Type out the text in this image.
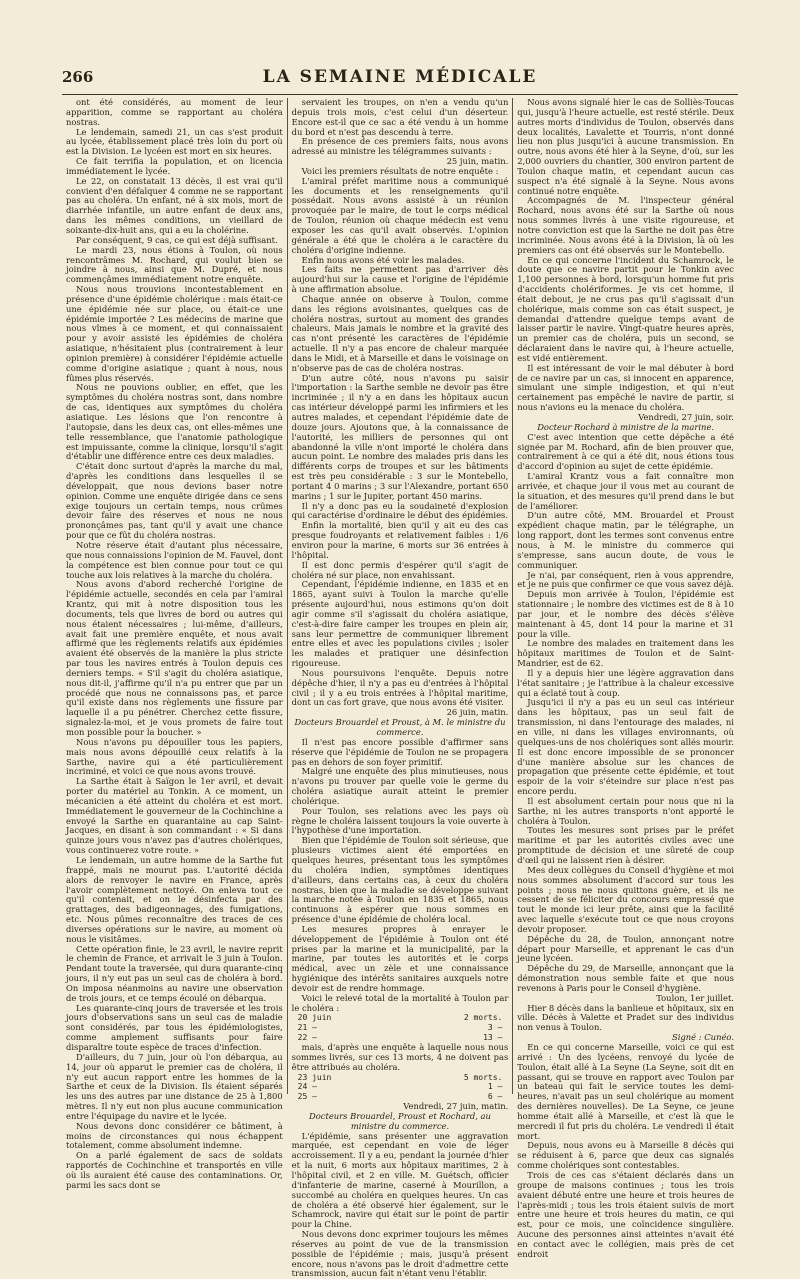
266	LA SEMAINE MÉDICALE

ont été considérés, au moment de leur apparition, comme se rapportant au choléra nostras.

Le lendemain, samedi 21, un cas s'est produit au lycée, établissement placé très loin du port où est la Division. Le lycéen est mort en six heures.

Ce fait terrifia la population, et on licencia immédiatement le lycée.

Le 22, on constatait 13 décès, il est vrai qu'il convient d'en défalquer 4 comme ne se rapportant pas au choléra. Un enfant, né à six mois, mort de diarrhée infantile, un autre enfant de deux ans, dans les mêmes conditions, un vieillard de soixante-dix-huit ans, qui a eu la cholérine.

Par conséquent, 9 cas, ce qui est déjà suffisant.

Le mardi 23, nous étions à Toulon, où nous rencontrâmes M. Rochard, qui voulut bien se joindre à nous, ainsi que M. Dupré, et nous commençâmes immédiatement notre enquête.

Nous nous trouvions incontestablement en présence d'une épidémie cholérique : mais était-ce une épidémie née sur place, ou était-ce une épidémie importée ? Les médecins de marine que nous vîmes à ce moment, et qui connaissaient pour y avoir assisté les épidémies de choléra asiatique, n'hésitaient plus (contrairement à leur opinion première) à considérer l'épidémie actuelle comme d'origine asiatique ; quant à nous, nous fûmes plus réservés.

Nous ne pouvions oublier, en effet, que les symptômes du choléra nostras sont, dans nombre de cas, identiques aux symptômes du choléra asiatique. Les lésions que l'on rencontre à l'autopsie, dans les deux cas, ont elles-mêmes une telle ressemblance, que l'anatomie pathologique est impuissante, comme la clinique, lorsqu'il s'agit d'établir une différence entre ces deux maladies.

C'était donc surtout d'après la marche du mal, d'après les conditions dans lesquelles il se développait, que nous devions baser notre opinion. Comme une enquête dirigée dans ce sens exige toujours un certain temps, nous crûmes devoir faire des réserves et nous ne nous prononçâmes pas, tant qu'il y avait une chance pour que ce fût du choléra nostras.

Notre réserve était d'autant plus nécessaire, que nous connaissions l'opinion de M. Fauvel, dont la compétence est bien connue pour tout ce qui touche aux lois relatives à la marche du choléra.

Nous avons d'abord recherché l'origine de l'épidémie actuelle, secondés en cela par l'amiral Krantz, qui mit à notre disposition tous les documents, tels que livres de bord ou autres qui nous étaient nécessaires ; lui-même, d'ailleurs, avait fait une première enquête, et nous avait affirmé que les règlements relatifs aux épidémies avaient été observés de la manière la plus stricte par tous les navires entrés à Toulon depuis ces derniers temps. « S'il s'agit du choléra asiatique, nous dit-il, j'affirme qu'il n'a pu entrer que par un procédé que nous ne connaissons pas, et parce qu'il existe dans nos règlements une fissure par laquelle il a pu pénétrer. Cherchez cette fissure, signalez-la-moi, et je vous promets de faire tout mon possible pour la boucher. »

Nous n'avons pu dépouiller tous les papiers, mais nous avons dépouillé ceux relatifs à la Sarthe, navire qui a été particulièrement incriminé, et voici ce que nous avons trouvé.

La Sarthe était à Saïgon le 1er avril, et devait porter du matériel au Tonkin. A ce moment, un mécanicien a été atteint du choléra et est mort. Immédiatement le gouverneur de la Cochinchine a envoyé la Sarthe en quarantaine au cap Saint-Jacques, en disant à son commandant : « Si dans quinze jours vous n'avez pas d'autres cholériques, vous continuerez votre route. »

Le lendemain, un autre homme de la Sarthe fut frappé, mais ne mourut pas. L'autorité décida alors de renvoyer le navire en France, après l'avoir complètement nettoyé. On enleva tout ce qu'il contenait, et on le désinfecta par des grattages, des badigeonnages, des fumigations, etc. Nous pûmes reconnaître des traces de ces diverses opérations sur le navire, au moment où nous le visitâmes.

Cette opération finie, le 23 avril, le navire reprit le chemin de France, et arrivait le 3 juin à Toulon. Pendant toute la traversée, qui dura quarante-cinq jours, il n'y eut pas un seul cas de choléra à bord. On imposa néanmoins au navire une observation de trois jours, et ce temps écoulé on débarqua.

Les quarante-cinq jours de traversée et les trois jours d'observations sans un seul cas de maladie sont considérés, par tous les épidémiologistes, comme amplement suffisants pour faire disparaître toute espèce de traces d'infection.

D'ailleurs, du 7 juin, jour où l'on débarqua, au 14, jour où apparut le premier cas de choléra, il n'y eut aucun rapport entre les hommes de la Sarthe et ceux de la Division. Ils étaient séparés les uns des autres par une distance de 25 à 1,800 mètres. Il n'y eut non plus aucune communication entre l'équipage du navire et le lycée.

Nous devons donc considérer ce bâtiment, à moins de circonstances qui nous échappent totalement, comme absolument indemne.

On a parlé également de sacs de soldats rapportés de Cochinchine et transportés en ville où ils auraient été cause des contaminations. Or, parmi les sacs dont se

servaient les troupes, on n'en a vendu qu'un depuis trois mois, c'est celui d'un déserteur. Encore est-il que ce sac a été vendu à un homme du bord et n'est pas descendu à terre.

En présence de ces premiers faits, nous avons adressé au ministre les télégrammes suivants :

25 juin, matin.

Voici les premiers résultats de notre enquête :

L'amiral préfet maritime nous a communiqué les documents et les renseignements qu'il possédait. Nous avons assisté à un réunion provoquée par le maire, de tout le corps médical de Toulon, réunion où chaque médecin est venu exposer les cas qu'il avait observés. L'opinion générale a été que le choléra a le caractère du choléra d'origine indienne.

Enfin nous avons été voir les malades.

Les faits ne permettent pas d'arriver dès aujourd'hui sur la cause et l'origine de l'épidémie à une affirmation absolue.

Chaque année on observe à Toulon, comme dans les régions avoisinantes, quelques cas de choléra nostras, surtout au moment des grandes chaleurs. Mais jamais le nombre et la gravité des cas n'ont présenté les caractères de l'épidémie actuelle. Il n'y a pas encore de chaleur marquée dans le Midi, et à Marseille et dans le voisinage on n'observe pas de cas de choléra nostras.

D'un autre côté, nous n'avons pu saisir l'importation : la Sarthe semble ne devoir pas être incriminée ; il n'y a en dans les hôpitaux aucun cas intérieur développé parmi les infirmiers et les autres malades, et cependant l'épidémie date de douze jours. Ajoutons que, à la connaissance de l'autorité, les milliers de personnes qui ont abandonné la ville n'ont importé le choléra dans aucun point. Le nombre des malades pris dans les différents corps de troupes et sur les bâtiments est très peu considérable : 3 sur le Montebello, portant 4 0 marins ; 3 sur l'Alexandre, portant 650 marins ; 1 sur le Jupiter, portant 450 marins.

Il n'y a donc pas eu la soudaineté d'explosion qui caractérise d'ordinaire le début des épidémies.

Enfin la mortalité, bien qu'il y ait eu des cas presque foudroyants et relativement faibles : 1/6 environ pour la marine, 6 morts sur 36 entrées à l'hôpital.

Il est donc permis d'espérer qu'il s'agit de choléra né sur place, non envahissant.

Cependant, l'épidémie indienne, en 1835 et en 1865, ayant suivi à Toulon la marche qu'elle présente aujourd'hui, nous estimons qu'on doit agir comme s'il s'agissait du choléra asiatique, c'est-à-dire faire camper les troupes en plein air, sans leur permettre de communiquer librement entre elles et avec les populations civiles ; isoler les malades et pratiquer une désinfection rigoureuse.

Nous poursuivons l'enquête. Depuis notre dépêche d'hier, il n'y a pas eu d'entrées à l'hôpital civil ; il y a eu trois entrées à l'hôpital maritime, dont un cas fort grave, que nous avons été visiter.

26 juin, matin.

Docteurs Brouardel et Proust, à M. le ministre du commerce.

Il n'est pas encore possible d'affirmer sans réserve que l'épidémie de Toulon ne se propagera pas en dehors de son foyer primitif.

Malgré une enquête des plus minutieuses, nous n'avons pu trouver par quelle voie le germe du choléra asiatique aurait atteint le premier cholérique.

Pour Toulon, ses relations avec les pays où règne le choléra laissent toujours la voie ouverte à l'hypothèse d'une importation.

Bien que l'épidémie de Toulon soit sérieuse, que plusieurs victimes aient été emportées en quelques heures, présentant tous les symptômes du choléra indien, symptômes identiques d'ailleurs, dans certains cas, à ceux du choléra nostras, bien que la maladie se développe suivant la marche notée à Toulon en 1835 et 1865, nous continuons à espérer que nous sommes en présence d'une épidémie de choléra local.

Les mesures propres à enrayer le développement de l'épidémie à Toulon ont été prises par la marine et la municipalité, par la marine, par toutes les autorités et le corps médical, avec un zèle et une connaissance hygiénique des intérêts sanitaires auxquels notre devoir est de rendre hommage.

Voici le relevé total de la mortalité à Toulon par le choléra :

20 juin	2 morts.
21 —	3 —
22 —	13 —

mais, d'après une enquête à laquelle nous nous sommes livrés, sur ces 13 morts, 4 ne doivent pas être attribués au choléra.

23 juin	5 morts.
24 —	1 —
25 —	6 —

Vendredi, 27 juin, matin.

Docteurs Brouardel, Proust et Rochard, au ministre du commerce.

L'épidémie, sans présenter une aggravation marquée, est cependant en voie de léger accroissement. Il y a eu, pendant la journée d'hier et la nuit, 6 morts aux hôpitaux maritimes, 2 à l'hôpital civil, et 2 en ville. M. Guétsch, officier d'infanterie de marine, caserné à Mourillon, a succombé au choléra en quelques heures. Un cas de choléra a été observé hier également, sur le Schamrock, navire qui était sur le point de partir pour la Chine.

Nous devons donc exprimer toujours les mêmes réserves au point de vue de la transmission possible de l'épidémie ; mais, jusqu'à présent encore, nous n'avons pas le droit d'admettre cette transmission, aucun fait n'étant venu l'établir.

Nous avons signalé hier le cas de Solliès-Toucas qui, jusqu'à l'heure actuelle, est resté stérile. Deux autres morts d'individus de Toulon, observés dans deux localités, Lavalette et Tourris, n'ont donné lieu non plus jusqu'ici à aucune transmission. En outre, nous avons été hier à la Seyne, d'où, sur les 2,000 ouvriers du chantier, 300 environ partent de Toulon chaque matin, et cependant aucun cas suspect n'a été signalé à la Seyne. Nous avons continué notre enquête.

Accompagnés de M. l'inspecteur général Rochard, nous avons été sur la Sarthe où nous nous sommes livrés à une visite rigoureuse, et notre conviction est que la Sarthe ne doit pas être incriminée. Nous avons été à la Division, là où les premiers cas ont été observés sur le Montebello.

En ce qui concerne l'incident du Schamrock, le doute que ce navire partit pour le Tonkin avec 1,100 personnes à bord, lorsqu'un homme fut pris d'accidents cholériformes. Je vis cet homme, il était debout, je ne crus pas qu'il s'agissait d'un cholérique, mais comme son cas était suspect, je demandai d'attendre quelque temps avant de laisser partir le navire. Vingt-quatre heures après, un premier cas de choléra, puis un second, se déclaraient dans le navire qui, à l'heure actuelle, est vidé entièrement.

Il est intéressant de voir le mal débuter à bord de ce navire par un cas, si innocent en apparence, simulant une simple indigestion, et qui n'eut certainement pas empêché le navire de partir, si nous n'avions eu la menace du choléra.

Vendredi, 27 juin, soir.

Docteur Rochard à ministre de la marine.

C'est avec intention que cette dépêche a été signée par M. Rochard, afin de bien prouver que, contrairement à ce qui a été dit, nous étions tous d'accord d'opinion au sujet de cette épidémie.

L'amiral Krantz vous a fait connaître mon arrivée, et chaque jour il vous met au courant de la situation, et des mesures qu'il prend dans le but de l'améliorer.

D'un autre côté, MM. Brouardel et Proust expédient chaque matin, par le télégraphe, un long rapport, dont les termes sont convenus entre nous, à M. le ministre du commerce qui s'empresse, sans aucun doute, de vous le communiquer.

Je n'ai, par conséquent, rien à vous apprendre, et je ne puis que confirmer ce que vous savez déjà.

Depuis mon arrivée à Toulon, l'épidémie est stationnaire ; le nombre des victimes est de 8 à 10 par jour, et le nombre des décès s'élève maintenant à 45, dont 14 pour la marine et 31 pour la ville.

Le nombre des malades en traitement dans les hôpitaux maritimes de Toulon et de Saint-Mandrier, est de 62.

Il y a depuis hier une légère aggravation dans l'état sanitaire ; je l'attribue à la chaleur excessive qui a éclaté tout à coup.

Jusqu'ici il n'y a pas eu un seul cas intérieur dans les hôpitaux, pas un seul fait de transmission, ni dans l'entourage des malades, ni en ville, ni dans les villages environnants, où quelques-uns de nos cholériques sont allés mourir. Il est donc encore impossible de se prononcer d'une manière absolue sur les chances de propagation que présente cette épidémie, et tout espoir de la voir s'éteindre sur place n'est pas encore perdu.

Il est absolument certain pour nous que ni la Sarthe, ni les autres transports n'ont apporté le choléra à Toulon.

Toutes les mesures sont prises par le préfet maritime et par les autorités civiles avec une promptitude de décision et une sûreté de coup d'œil qui ne laissent rien à désirer.

Mes deux collègues du Conseil d'hygiène et moi nous sommes absolument d'accord sur tous les points ; nous ne nous quittons guère, et ils ne cessent de se féliciter du concours empressé que tout le monde ici leur prête, ainsi que la facilité avec laquelle s'exécute tout ce que nous croyons devoir proposer.

Dépêche du 28, de Toulon, annonçant notre départ pour Marseille, et apprenant le cas d'un jeune lycéen.

Dépêche du 29, de Marseille, annonçant que la démonstration nous semble faite et que nous revenons à Paris pour le Conseil d'hygiène.

Toulon, 1er juillet.

Hier 8 décès dans la banlieue et hôpitaux, six en ville. Décès à Valette et Pradet sur des individus non venus à Toulon.

Signé : Cunéo.

En ce qui concerne Marseille, voici ce qui est arrivé : Un des lycéens, renvoyé du lycée de Toulon, était allé à La Seyne (La Seyne, soit dit en passant, qui se trouve en rapport avec Toulon par un bateau qui fait le service toutes les demi-heures, n'avait pas un seul cholérique au moment des dernières nouvelles). De La Seyne, ce jeune homme était allé à Marseille, et c'est là que le mercredi il fut pris du choléra. Le vendredi il était mort.

Depuis, nous avons eu à Marseille 8 décès qui se réduisent à 6, parce que deux cas signalés comme cholériques sont contestables.

Trois de ces cas s'étaient déclarés dans un groupe de maisons continues ; tous les trois avaient débuté entre une heure et trois heures de l'après-midi ; tous les trois étaient suivis de mort entre une heure et trois heures du matin, ce qui est, pour ce mois, une coïncidence singulière. Aucune des personnes ainsi atteintes n'avait été en contact avec le collégien, mais près de cet endroit
